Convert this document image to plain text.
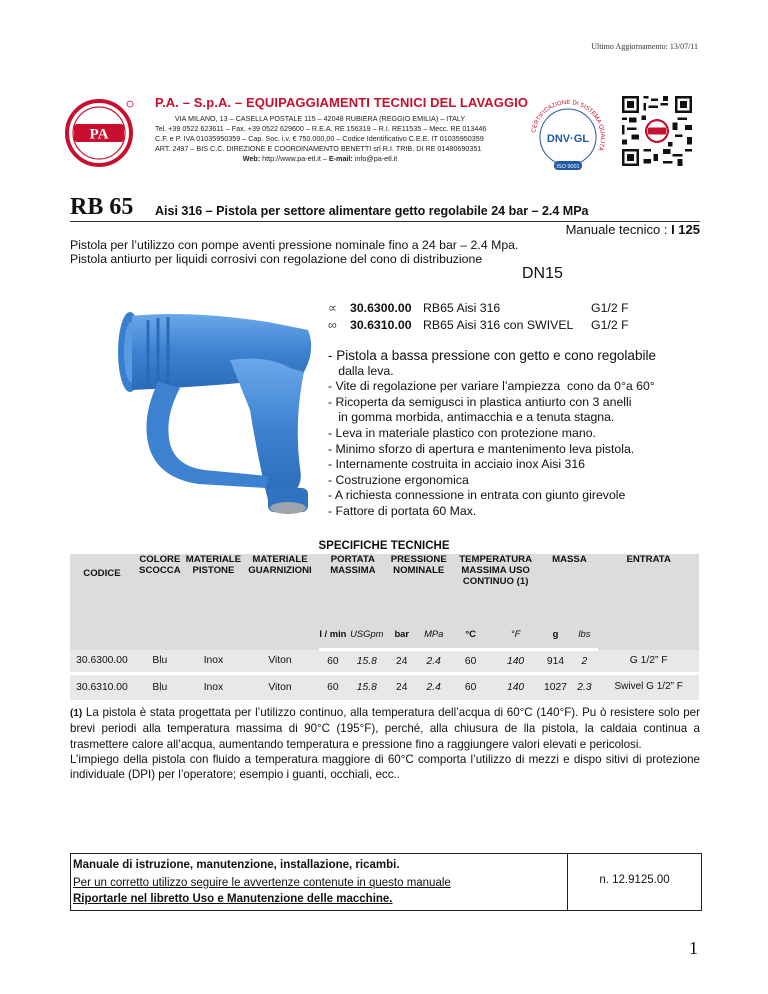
Ultimo Aggiornamento: 13/07/11
PA
P.A. – S.p.A. – EQUIPAGGIAMENTI TECNICI DEL LAVAGGIO
VIA MILANO, 13 – CASELLA POSTALE 115 – 42048 RUBIERA (REGGIO EMILIA) – ITALY
Tel. +39 0522 623611 – Fax. +39 0522 629600 – R.E.A. RE 156319 – R.I. RE11535 – Mecc. RE 013446
C.F. e P. IVA 01035950359 – Cap. Soc. i.v. € 750.000,00 – Codice Identificativo C.E.E. IT 01035950359
ART. 2497 – BIS C.C. DIREZIONE E COORDINAMENTO BENETTI srl R.I. TRIB. DI RE 01480690351
Web: http://www.pa-etl.it – E-mail: info@pa-etl.it
CERTIFICAZIONE DI SISTEMA QUALITÀ
DNV·GL
ISO 9001
RB 65 Aisi 316 – Pistola per settore alimentare getto regolabile 24 bar – 2.4 MPa
Manuale tecnico : I 125
Pistola per l’utilizzo con pompe aventi pressione nominale fino a 24 bar – 2.4 Mpa.
Pistola antiurto per liquidi corrosivi con regolazione del cono di distribuzione
DN15
∝	30.6300.00 RB65 Aisi 316	G1/2 F
∞	30.6310.00 RB65 Aisi 316 con SWIVEL	G1/2 F
- Pistola a bassa pressione con getto e cono regolabile
dalla leva.
- Vite di regolazione per variare l’ampiezza  cono da 0°a 60°
- Ricoperta da semigusci in plastica antiurto con 3 anelli
in gomma morbida, antimacchia e a tenuta stagna.
- Leva in materiale plastico con protezione mano.
- Minimo sforzo di apertura e mantenimento leva pistola.
- Internamente costruita in acciaio inox Aisi 316
- Costruzione ergonomica
- A richiesta connessione in entrata con giunto girevole
- Fattore di portata 60 Max.
SPECIFICHE TECNICHE
CODICE	COLORE SCOCCA	MATERIALE PISTONE	MATERIALE GUARNIZIONI	PORTATA MASSIMA		PRESSIONE NOMINALE		TEMPERATURA MASSIMA USO CONTINUO (1)		MASSA		ENTRATA
				l / min	USGpm	bar	MPa	°C	°F	g	lbs	
30.6300.00	Blu	Inox	Viton	60	15.8	24	2.4	60	140	914	2	G 1/2” F
30.6310.00	Blu	Inox	Viton	60	15.8	24	2.4	60	140	1027	2.3	Swivel G 1/2” F
(1) La pistola è stata progettata per l’utilizzo continuo, alla temperatura dell’acqua di 60°C (140°F). Pu ò resistere solo per brevi periodi alla temperatura massima di 90°C (195°F), perché, alla chiusura de lla pistola, la caldaia continua a trasmettere calore all’acqua, aumentando temperatura e pressione fino a raggiungere valori elevati e pericolosi.
L’impiego della pistola con fluido a temperatura maggiore di 60°C comporta l’utilizzo di mezzi e dispo sitivi di protezione individuale (DPI) per l’operatore; esempio i guanti, occhiali, ecc..
Manuale di istruzione, manutenzione, installazione, ricambi.
Per un corretto utilizzo seguire le avvertenze contenute in questo manuale
Riportarle nel libretto Uso e Manutenzione delle macchine.
n. 12.9125.00
1
